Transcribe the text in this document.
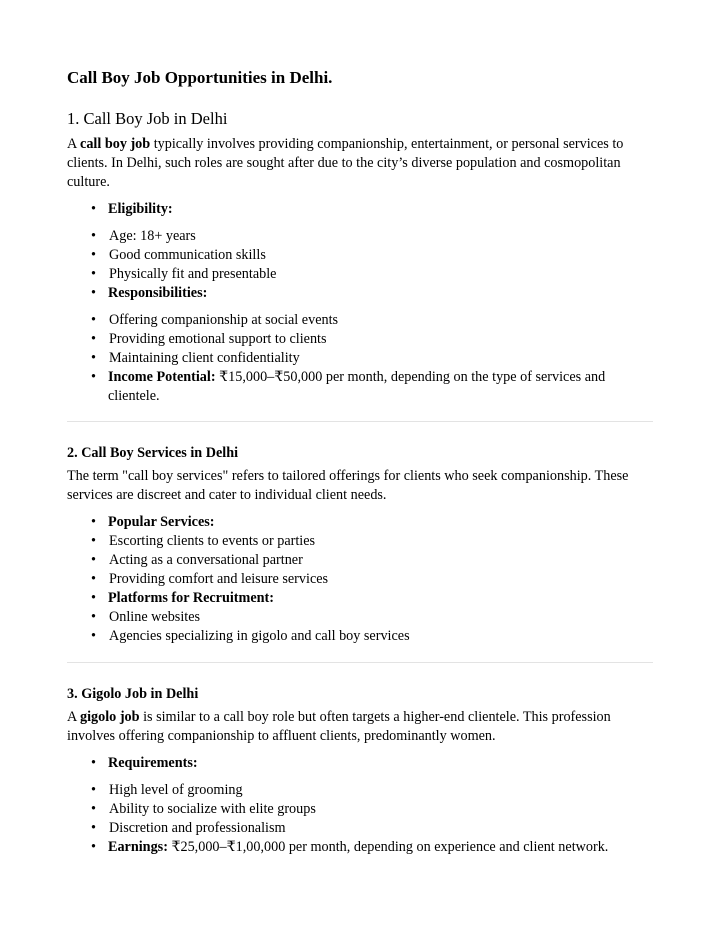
Call Boy Job Opportunities in Delhi.
1. Call Boy Job in Delhi

A call boy job typically involves providing companionship, entertainment, or personal services to clients. In Delhi, such roles are sought after due to the city’s diverse population and cosmopolitan culture.

• Eligibility:
• Age: 18+ years
• Good communication skills
• Physically fit and presentable
• Responsibilities:
• Offering companionship at social events
• Providing emotional support to clients
• Maintaining client confidentiality
• Income Potential: ₹15,000–₹50,000 per month, depending on the type of services and clientele.
2. Call Boy Services in Delhi

The term "call boy services" refers to tailored offerings for clients who seek companionship. These services are discreet and cater to individual client needs.

• Popular Services:
• Escorting clients to events or parties
• Acting as a conversational partner
• Providing comfort and leisure services
• Platforms for Recruitment:
• Online websites
• Agencies specializing in gigolo and call boy services
3. Gigolo Job in Delhi

A gigolo job is similar to a call boy role but often targets a higher-end clientele. This profession involves offering companionship to affluent clients, predominantly women.

• Requirements:
• High level of grooming
• Ability to socialize with elite groups
• Discretion and professionalism
• Earnings: ₹25,000–₹1,00,000 per month, depending on experience and client network.
